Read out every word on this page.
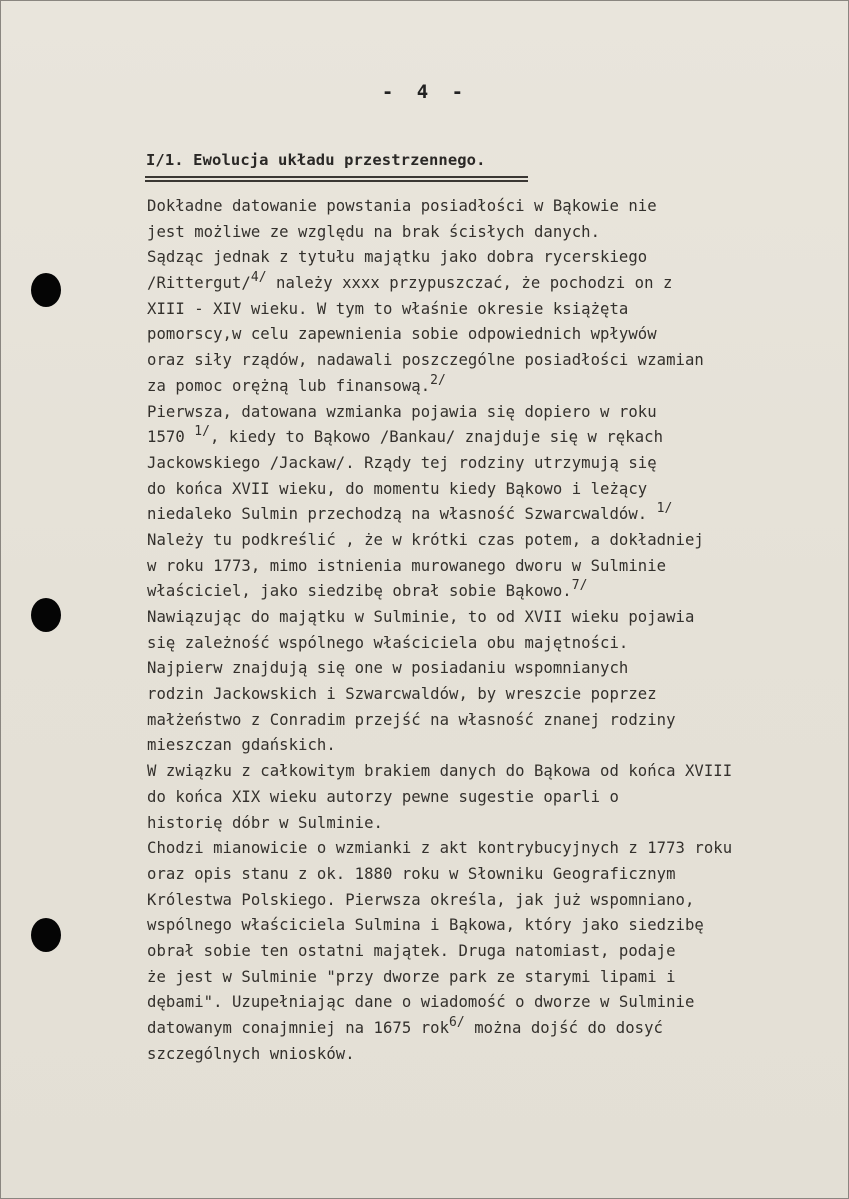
- 4 -
I/1. Ewolucja układu przestrzennego.
Dokładne datowanie powstania posiadłości w Bąkowie nie
jest możliwe ze względu na brak ścisłych danych.
Sądząc jednak z tytułu majątku jako dobra rycerskiego
/Rittergut/$^{4/}$ należy xxxx przypuszczać, że pochodzi on z
XIII - XIV wieku. W tym to właśnie okresie książęta
pomorscy,w celu zapewnienia sobie odpowiednich wpływów
oraz siły rządów, nadawali poszczególne posiadłości wzamian
za pomoc orężną lub finansową.$^{2/}$
Pierwsza, datowana wzmianka pojawia się dopiero w roku
1570 $^{1/}$, kiedy to Bąkowo /Bankau/ znajduje się w rękach
Jackowskiego /Jackaw/. Rządy tej rodziny utrzymują się
do końca XVII wieku, do momentu kiedy Bąkowo i leżący
niedaleko Sulmin przechodzą na własność Szwarcwaldów. $^{1/}$
Należy tu podkreślić , że w krótki czas potem, a dokładniej
w roku 1773, mimo istnienia murowanego dworu w Sulminie
właściciel, jako siedzibę obrał sobie Bąkowo.$^{7/}$
Nawiązując do majątku w Sulminie, to od XVII wieku pojawia
się zależność wspólnego właściciela obu majętności.
Najpierw znajdują się one w posiadaniu wspomnianych
rodzin Jackowskich i Szwarcwaldów, by wreszcie poprzez
małżeństwo z Conradim przejść na własność znanej rodziny
mieszczan gdańskich.
W związku z całkowitym brakiem danych do Bąkowa od końca XVIII
do końca XIX wieku autorzy pewne sugestie oparli o
historię dóbr w Sulminie.
Chodzi mianowicie o wzmianki z akt kontrybucyjnych z 1773 roku
oraz opis stanu z ok. 1880 roku w Słowniku Geograficznym
Królestwa Polskiego. Pierwsza określa, jak już wspomniano,
wspólnego właściciela Sulmina i Bąkowa, który jako siedzibę
obrał sobie ten ostatni majątek. Druga natomiast, podaje
że jest w Sulminie "przy dworze park ze starymi lipami i
dębami". Uzupełniając dane o wiadomość o dworze w Sulminie
datowanym conajmniej na 1675 rok$^{6/}$ można dojść do dosyć
szczególnych wniosków.
